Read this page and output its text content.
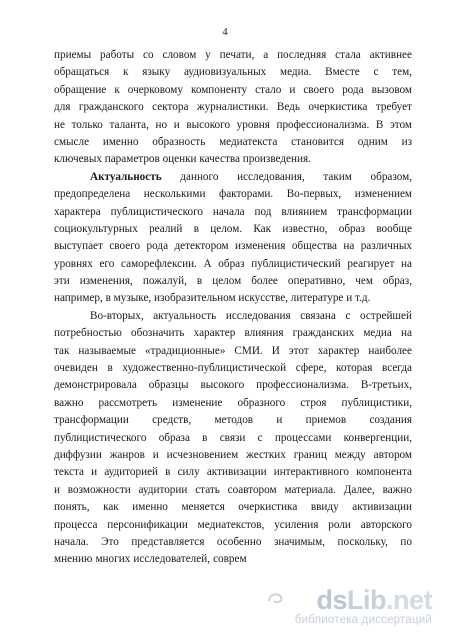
4
приемы работы со словом у печати, а последняя стала активнее
обращаться к языку аудиовизуальных медиа. Вместе с тем,
обращение к очерковому компоненту стало и своего рода вызовом
для гражданского сектора журналистики. Ведь очеркистика требует
не только таланта, но и высокого уровня профессионализма. В этом
смысле именно образность медиатекста становится одним из
ключевых параметров оценки качества произведения.
Актуальность данного исследования, таким образом,
предопределена несколькими факторами. Во-первых, изменением
характера публицистического начала под влиянием трансформации
социокультурных реалий в целом. Как известно, образ вообще
выступает своего рода детектором изменения общества на различных
уровнях его саморефлексии. А образ публицистический реагирует на
эти изменения, пожалуй, в целом более оперативно, чем образ,
например, в музыке, изобразительном искусстве, литературе и т.д.
Во-вторых, актуальность исследования связана с острейшей
потребностью обозначить характер влияния гражданских медиа на
так называемые «традиционные» СМИ. И этот характер наиболее
очевиден в художественно-публицистической сфере, которая всегда
демонстрировала образцы высокого профессионализма. В-третьих,
важно рассмотреть изменение образного строя публицистики,
трансформации средств, методов и приемов создания
публицистического образа в связи с процессами конвергенции,
диффузии жанров и исчезновением жестких границ между автором
текста и аудиторией в силу активизации интерактивного компонента
и возможности аудитории стать соавтором материала. Далее, важно
понять, как именно меняется очеркистика ввиду активизации
процесса персонификации медиатекстов, усиления роли авторского
начала. Это представляется особенно значимым, поскольку, по
мнению многих исследователей, соврем
dsLib.net
библиотека диссертаций
